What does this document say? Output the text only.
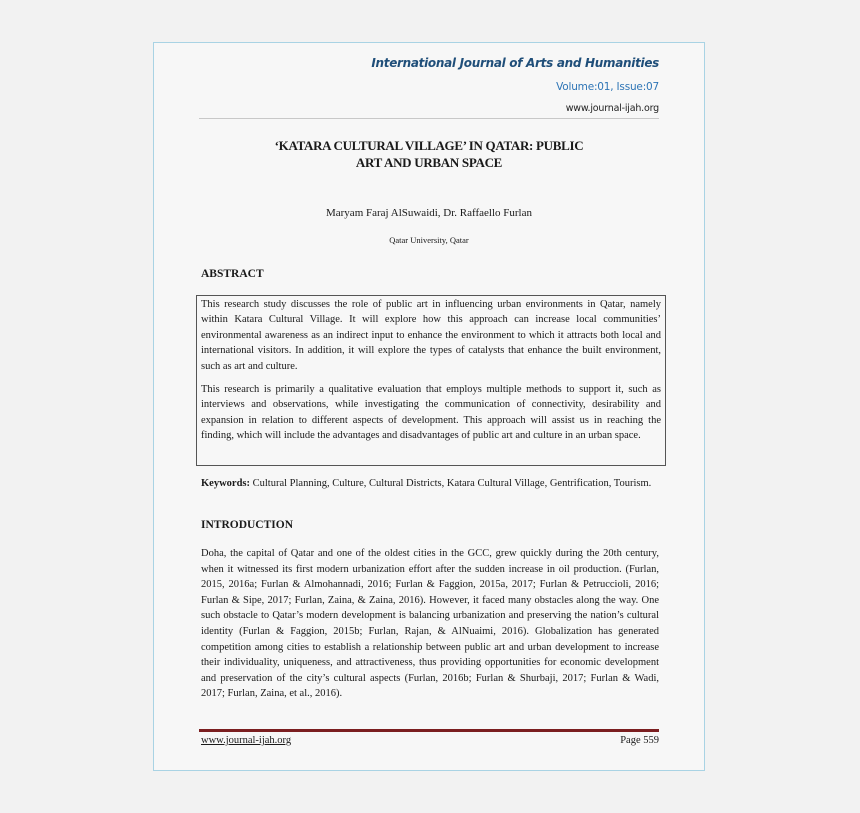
International Journal of Arts and Humanities
Volume:01, Issue:07
www.journal-ijah.org
‘KATARA CULTURAL VILLAGE’ IN QATAR: PUBLIC
ART AND URBAN SPACE
Maryam Faraj AlSuwaidi, Dr. Raffaello Furlan
Qatar University, Qatar
ABSTRACT

This research study discusses the role of public art in influencing urban environments in Qatar, namely within Katara Cultural Village. It will explore how this approach can increase local communities’ environmental awareness as an indirect input to enhance the environment to which it attracts both local and international visitors. In addition, it will explore the types of catalysts that enhance the built environment, such as art and culture.

This research is primarily a qualitative evaluation that employs multiple methods to support it, such as interviews and observations, while investigating the communication of connectivity, desirability and expansion in relation to different aspects of development. This approach will assist us in reaching the finding, which will include the advantages and disadvantages of public art and culture in an urban space.

Keywords: Cultural Planning, Culture, Cultural Districts, Katara Cultural Village, Gentrification, Tourism.
INTRODUCTION

Doha, the capital of Qatar and one of the oldest cities in the GCC, grew quickly during the 20th century, when it witnessed its first modern urbanization effort after the sudden increase in oil production. (Furlan, 2015, 2016a; Furlan & Almohannadi, 2016; Furlan & Faggion, 2015a, 2017; Furlan & Petruccioli, 2016; Furlan & Sipe, 2017; Furlan, Zaina, & Zaina, 2016). However, it faced many obstacles along the way. One such obstacle to Qatar’s modern development is balancing urbanization and preserving the nation’s cultural identity (Furlan & Faggion, 2015b; Furlan, Rajan, & AlNuaimi, 2016). Globalization has generated competition among cities to establish a relationship between public art and urban development to increase their individuality, uniqueness, and attractiveness, thus providing opportunities for economic development and preservation of the city’s cultural aspects (Furlan, 2016b; Furlan & Shurbaji, 2017; Furlan & Wadi, 2017; Furlan, Zaina, et al., 2016).

www.journal-ijah.org	Page 559
